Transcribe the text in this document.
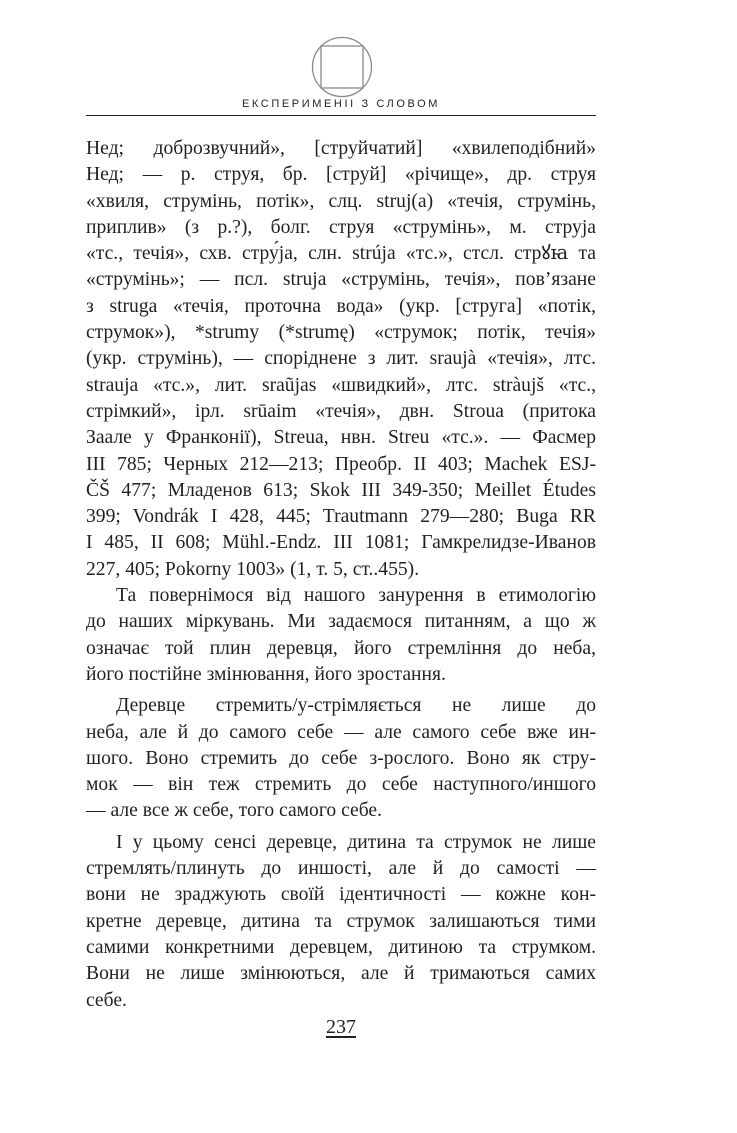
ЕКСПЕРИМЕНІІ З СЛОВОМ
Нед; доброзвучний», [струйчатий] «хвилеподібний»
Нед; — р. струя, бр. [струй] «річище», др. струя
«хвиля, струмінь, потік», слц. struj(a) «течія, струмінь,
приплив» (з р.?), болг. струя «струмінь», м. струја
«тс., течія», схв. стру́ја, слн. strúja «тс.», стсл. стрꙋꙗ та
«струмінь»; — псл. struja «струмінь, течія», пов’язане
з struga «течія, проточна вода» (укр. [струга] «потік,
струмок»), *strumy (*strumę) «струмок; потік, течія»
(укр. струмінь), — споріднене з лит. sraujà «течія», лтс.
strauja «тс.», лит. sraũjas «швидкий», лтс. stràujš «тс.,
стрімкий», ірл. srūaim «течія», двн. Stroua (притока
Заале у Франконії), Streua, нвн. Streu «тс.». — Фасмер
III 785; Черных 212—213; Преобр. II 403; Machek ESJ-
ČŠ 477; Младенов 613; Skok III 349-350; Meillet Études
399; Vondrák I 428, 445; Trautmann 279—280; Buga RR
I 485, II 608; Mühl.-Endz. III 1081; Гамкрелидзе-Иванов
227, 405; Pokorny 1003» (1, т. 5, ст..455).
Та повернімося від нашого занурення в етимологію
до наших міркувань. Ми задаємося питанням, а що ж
означає той плин деревця, його стремління до неба,
його постійне змінювання, його зростання.
Деревце стремить/у-стрімляється не лише до
неба, але й до самого себе — але самого себе вже ин-
шого. Воно стремить до себе з-рослого. Воно як стру-
мок — він теж стремить до себе наступного/иншого
— але все ж себе, того самого себе.
І у цьому сенсі деревце, дитина та струмок не лише
стремлять/плинуть до иншості, але й до самості —
вони не зраджують своїй ідентичності — кожне кон-
кретне деревце, дитина та струмок залишаються тими
самими конкретними деревцем, дитиною та струмком.
Вони не лише змінюються, але й тримаються самих
себе.
237
